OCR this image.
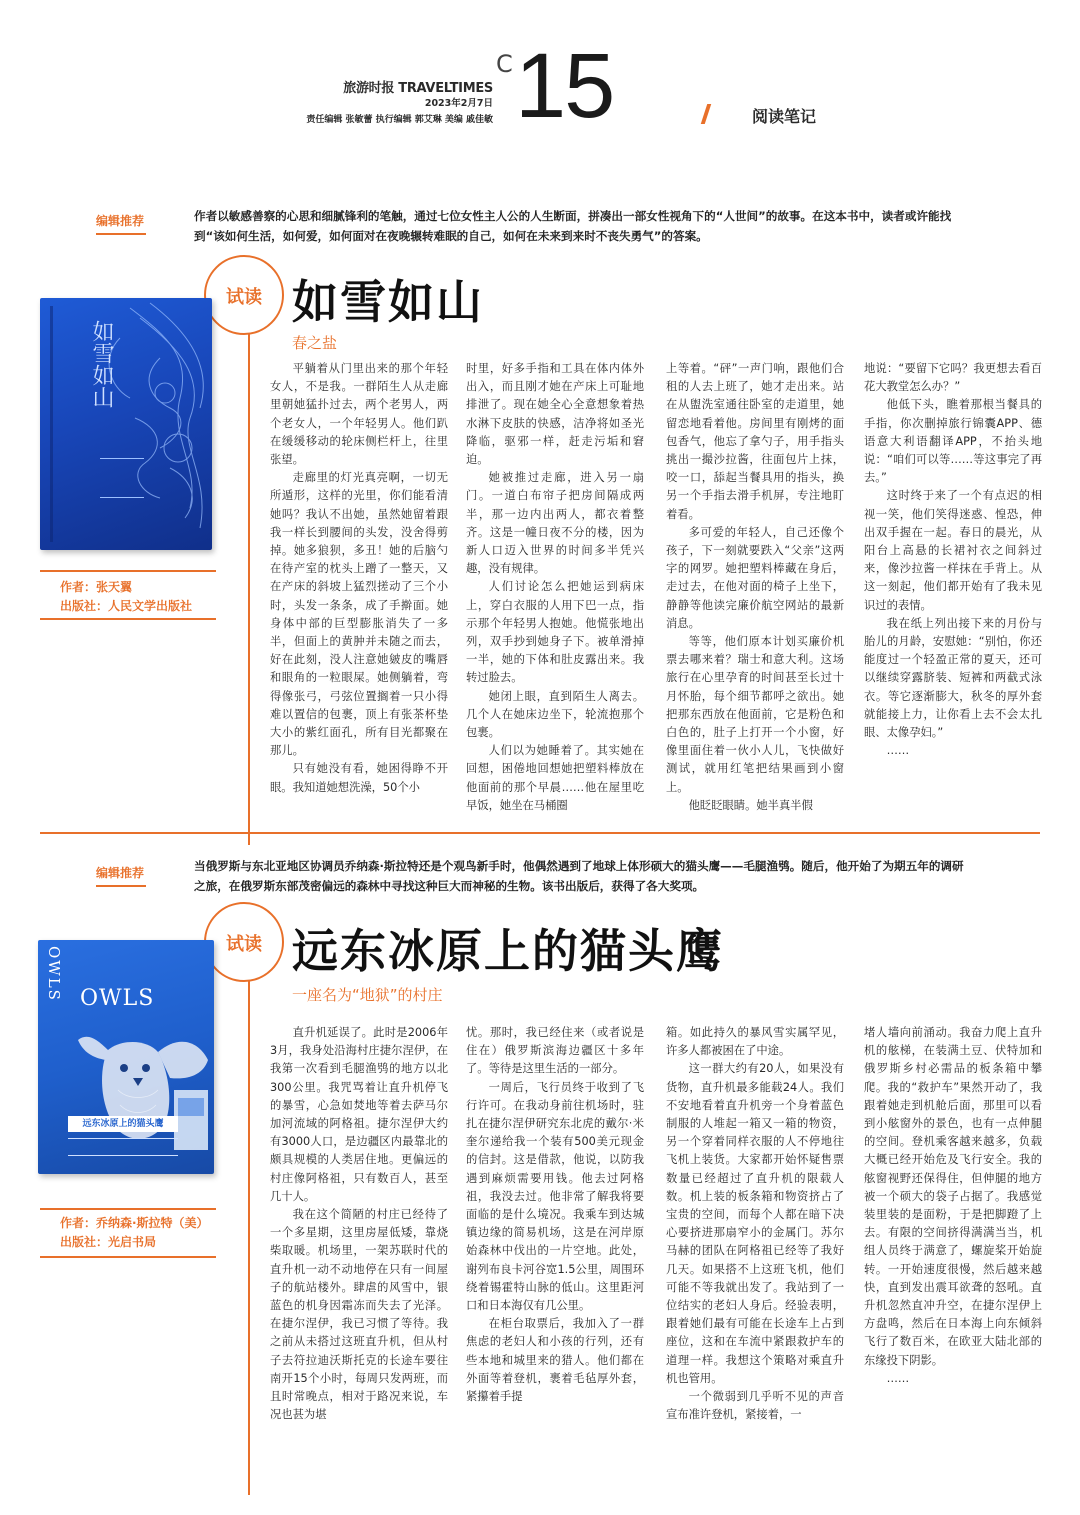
旅游时报 TRAVELTIMES
2023年2月7日
责任编辑 张敏蕾 执行编辑 郭艾琳 美编 戚佳敏
C 15	阅读笔记
编辑推荐	作者以敏感善察的心思和细腻锋利的笔触，通过七位女性主人公的人生断面，拼凑出一部女性视角下的“人世间”的故事。在这本书中，读者或许能找到“该如何生活，如何爱，如何面对在夜晚辗转难眠的自己，如何在未来到来时不丧失勇气”的答案。
试读 如雪如山
春之盐
如雪如山
作者：张天翼
出版社：人民文学出版社

平躺着从门里出来的那个年轻女人，不是我。一群陌生人从走廊里朝她猛扑过去，两个老男人，两个老女人，一个年轻男人。他们趴在缓缓移动的轮床侧栏杆上，往里张望。

走廊里的灯光真亮啊，一切无所遁形，这样的光里，你们能看清她吗？我认不出她，虽然她留着跟我一样长到腰间的头发，没舍得剪掉。她多狼狈，多丑！她的后脑勺在待产室的枕头上蹭了一整天，又在产床的斜坡上猛烈搓动了三个小时，头发一条条，成了手擀面。她身体中部的巨型膨胀消失了一多半，但面上的黄肿并未随之而去，好在此刻，没人注意她皴皮的嘴唇和眼角的一粒眼屎。她侧躺着，弯得像张弓，弓弦位置搁着一只小得难以置信的包裹，顶上有张茶杯垫大小的紫红面孔，所有目光都聚在那儿。

只有她没有看，她困得睁不开眼。我知道她想洗澡，50个小

时里，好多手指和工具在体内体外出入，而且刚才她在产床上可耻地排泄了。现在她全心全意想象着热水淋下皮肤的快感，洁净将如圣光降临，驱邪一样，赶走污垢和窘迫。

她被推过走廊，进入另一扇门。一道白布帘子把房间隔成两半，那一边内出两人，都衣着整齐。这是一幢日夜不分的楼，因为新人口迈入世界的时间多半凭兴趣，没有规律。

人们讨论怎么把她运到病床上，穿白衣服的人用下巴一点，指示那个年轻男人抱她。他慌张地出列，双手抄到她身子下。被单滑掉一半，她的下体和肚皮露出来。我转过脸去。

她闭上眼，直到陌生人离去。几个人在她床边坐下，轮流抱那个包裹。

人们以为她睡着了。其实她在回想，困倦地回想她把塑料棒放在他面前的那个早晨……他在屋里吃早饭，她坐在马桶圈

上等着。“砰”一声门响，跟他们合租的人去上班了，她才走出来。站在从盥洗室通往卧室的走道里，她留恋地看着他。房间里有刚烤的面包香气，他忘了拿勺子，用手指头挑出一撮沙拉酱，往面包片上抹，咬一口，舔起当餐具用的指头，换另一个手指去滑手机屏，专注地盯着看。

多可爱的年轻人，自己还像个孩子，下一刻就要跌入“父亲”这两字的网罗。她把塑料棒藏在身后，走过去，在他对面的椅子上坐下，静静等他读完廉价航空网站的最新消息。

等等，他们原本计划买廉价机票去哪来着？瑞士和意大利。这场旅行在心里孕育的时间甚至长过十月怀胎，每个细节都呼之欲出。她把那东西放在他面前，它是粉色和白色的，肚子上打开一个小窗，好像里面住着一伙小人儿，飞快做好测试，就用红笔把结果画到小窗上。

他眨眨眼睛。她半真半假

地说：“要留下它吗？我更想去看百花大教堂怎么办？”

他低下头，瞧着那根当餐具的手指，你次删掉旅行锦囊APP、德语意大利语翻译APP，不抬头地说：“咱们可以等……等这事完了再去。”

这时终于来了一个有点迟的相视一笑，他们笑得迷惑、惶恐，伸出双手握在一起。春日的晨光，从阳台上高悬的长裙衬衣之间斜过来，像沙拉酱一样抹在手背上。从这一刻起，他们都开始有了我未见识过的表情。

我在纸上列出接下来的月份与胎儿的月龄，安慰她：“别怕，你还能度过一个轻盈正常的夏天，还可以继续穿露脐装、短裤和两截式泳衣。等它逐渐膨大，秋冬的厚外套就能接上力，让你看上去不会太扎眼、太像孕妇。”

……

编辑推荐	当俄罗斯与东北亚地区协调员乔纳森·斯拉特还是个观鸟新手时，他偶然遇到了地球上体形硕大的猫头鹰——毛腿渔鸮。随后，他开始了为期五年的调研之旅，在俄罗斯东部茂密偏远的森林中寻找这种巨大而神秘的生物。该书出版后，获得了各大奖项。
试读 远东冰原上的猫头鹰
一座名为“地狱”的村庄
OWLS OWLS
远东冰原上的猫头鹰
作者：乔纳森·斯拉特（美）
出版社：光启书局

直升机延误了。此时是2006年3月，我身处沿海村庄捷尔涅伊，在我第一次看到毛腿渔鸮的地方以北300公里。我咒骂着让直升机停飞的暴雪，心急如焚地等着去萨马尔加河流域的阿格祖。捷尔涅伊大约有3000人口，是边疆区内最靠北的颇具规模的人类居住地。更偏远的村庄像阿格祖，只有数百人，甚至几十人。

我在这个简陋的村庄已经待了一个多星期，这里房屋低矮，靠烧柴取暖。机场里，一架苏联时代的直升机一动不动地停在只有一间屋子的航站楼外。肆虐的风雪中，银蓝色的机身因霜冻而失去了光泽。在捷尔涅伊，我已习惯了等待。我之前从未搭过这班直升机，但从村子去符拉迪沃斯托克的长途车要往南开15个小时，每周只发两班，而且时常晚点，相对于路况来说，车况也甚为堪

忧。那时，我已经住来（或者说是住在）俄罗斯滨海边疆区十多年了。等待是这里生活的一部分。

一周后，飞行员终于收到了飞行许可。在我动身前往机场时，驻扎在捷尔涅伊研究东北虎的戴尔·米奎尔递给我一个装有500美元现金的信封。这是借款，他说，以防我遇到麻烦需要用钱。他去过阿格祖，我没去过。他非常了解我将要面临的是什么境况。我乘车到达城镇边缘的简易机场，这是在河岸原始森林中伐出的一片空地。此处，谢列布良卡河谷宽1.5公里，周围环绕着锡霍特山脉的低山。这里距河口和日本海仅有几公里。

在柜台取票后，我加入了一群焦虑的老妇人和小孩的行列，还有些本地和城里来的猎人。他们都在外面等着登机，裹着毛毡厚外套，紧攥着手提

箱。如此持久的暴风雪实属罕见，许多人都被困在了中途。

这一群大约有20人，如果没有货物，直升机最多能载24人。我们不安地看着直升机旁一个身着蓝色制服的人堆起一箱又一箱的物资，另一个穿着同样衣服的人不停地往飞机上装货。大家都开始怀疑售票数量已经超过了直升机的限载人数。机上装的板条箱和物资挤占了宝贵的空间，而每个人都在暗下决心要挤进那扇窄小的金属门。苏尔马赫的团队在阿格祖已经等了我好几天。如果搭不上这班飞机，他们可能不等我就出发了。我站到了一位结实的老妇人身后。经验表明，跟着她们最有可能在长途车上占到座位，这和在车流中紧跟救护车的道理一样。我想这个策略对乘直升机也管用。

一个微弱到几乎听不见的声音宣布准许登机，紧接着，一

堵人墙向前涌动。我奋力爬上直升机的舷梯，在装满土豆、伏特加和俄罗斯乡村必需品的板条箱中攀爬。我的“救护车”果然开动了，我跟着她走到机舱后面，那里可以看到小舷窗外的景色，也有一点伸腿的空间。登机乘客越来越多，负载大概已经开始危及飞行安全。我的舷窗视野还保得住，但伸腿的地方被一个硕大的袋子占据了。我感觉装里装的是面粉，于是把脚蹬了上去。有限的空间挤得满满当当，机组人员终于满意了，螺旋桨开始旋转。一开始速度很慢，然后越来越快，直到发出震耳欲聋的怒吼。直升机忽然直冲升空，在捷尔涅伊上方盘鸣，然后在日本海上向东倾斜飞行了数百米，在欧亚大陆北部的东缘投下阴影。

……
